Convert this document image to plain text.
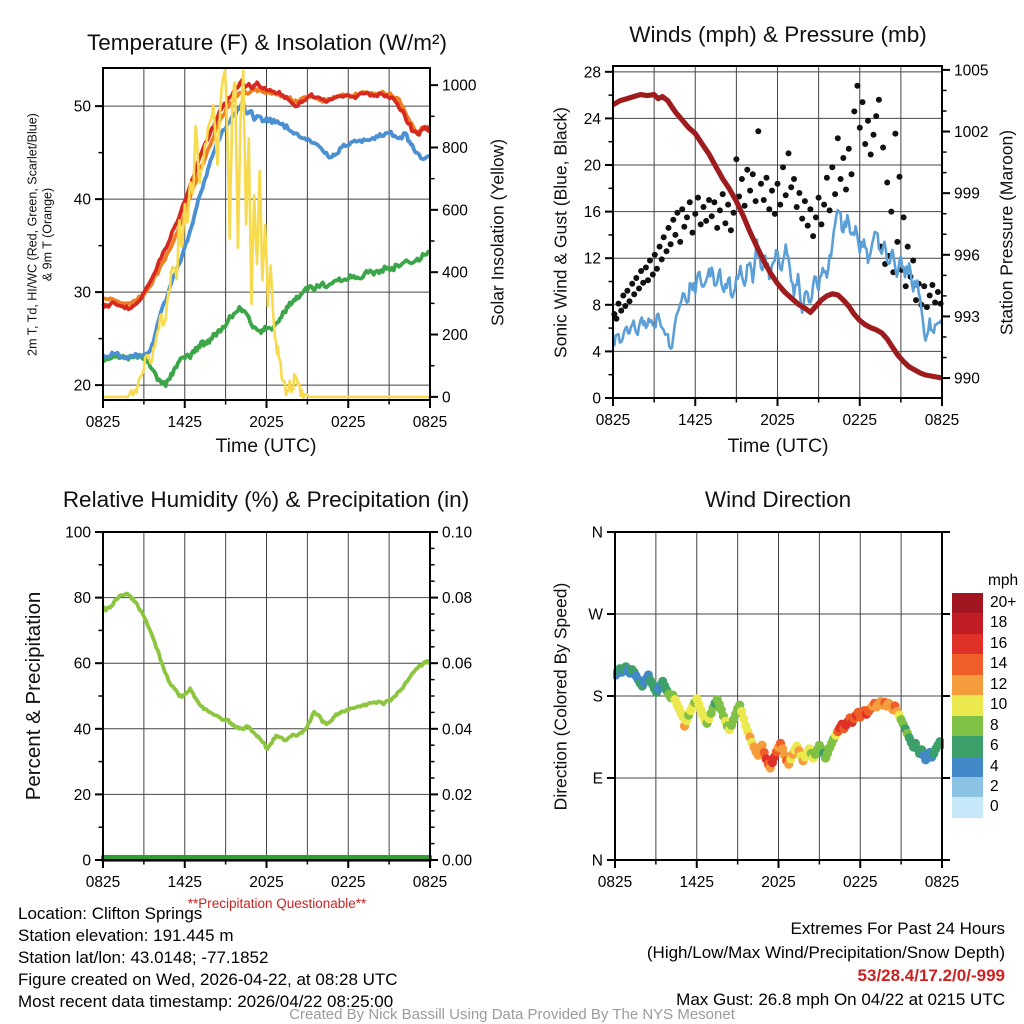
20
30
40
50
0
200
400
600
800
1000
0825	1425	2025	0225	0825
0
4
8
12
16
20
24
28
990
993
996
999
1002
1005
0825	1425	2025	0225	0825
0
20
40
60
80
100
0.00
0.02
0.04
0.06
0.08
0.10
0825	1425	2025	0225	0825
N
W
S
E
N
0825	1425	2025	0225	0825
Temperature (F) & Insolation (W/m²)	Winds (mph) & Pressure (mb)
Relative Humidity (%) & Precipitation (in)	Wind Direction
Time (UTC)	Time (UTC)
2m T, Td, HI/WC (Red, Green, Scarlet/Blue) & 9m T (Orange)	Solar Insolation (Yellow) Sonic Wind & Gust (Blue, Black)	Station Pressure (Maroon)
Percent & Precipitation	Direction (Colored By Speed)
mph
20+
18
16
14
12
10
8
6
4
2
0
**Precipitation Questionable**
Location: Clifton Springs
Station elevation: 191.445 m
Station lat/lon: 43.0148; -77.1852
Figure created on Wed, 2026-04-22, at 08:28 UTC
Most recent data timestamp: 2026/04/22 08:25:00
Extremes For Past 24 Hours
(High/Low/Max Wind/Precipitation/Snow Depth)
53/28.4/17.2/0/-999
Max Gust: 26.8 mph On 04/22 at 0215 UTC
Created By Nick Bassill Using Data Provided By The NYS Mesonet
